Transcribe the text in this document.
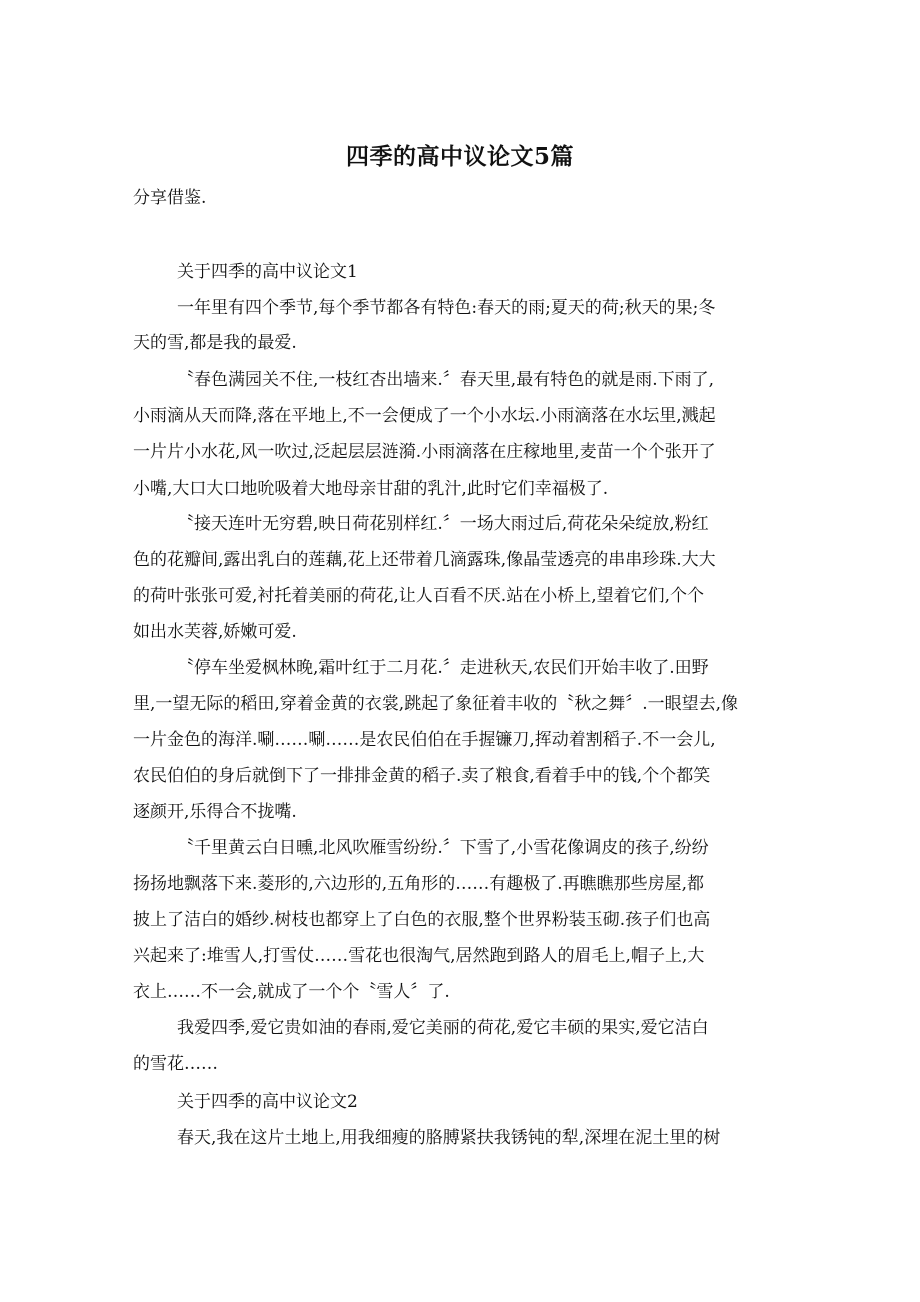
四季的高中议论文5篇
分享借鉴.
关于四季的高中议论文1
一年里有四个季节,每个季节都各有特色:春天的雨;夏天的荷;秋天的果;冬
天的雪,都是我的最爱.
〝春色满园关不住,一枝红杏出墙来.〞春天里,最有特色的就是雨.下雨了,
小雨滴从天而降,落在平地上,不一会便成了一个小水坛.小雨滴落在水坛里,溅起
一片片小水花,风一吹过,泛起层层涟漪.小雨滴落在庄稼地里,麦苗一个个张开了
小嘴,大口大口地吮吸着大地母亲甘甜的乳汁,此时它们幸福极了.
〝接天连叶无穷碧,映日荷花别样红.〞一场大雨过后,荷花朵朵绽放,粉红
色的花瓣间,露出乳白的莲藕,花上还带着几滴露珠,像晶莹透亮的串串珍珠.大大
的荷叶张张可爱,衬托着美丽的荷花,让人百看不厌.站在小桥上,望着它们,个个
如出水芙蓉,娇嫩可爱.
〝停车坐爱枫林晚,霜叶红于二月花.〞走进秋天,农民们开始丰收了.田野
里,一望无际的稻田,穿着金黄的衣裳,跳起了象征着丰收的〝秋之舞〞.一眼望去,像
一片金色的海洋.唰……唰……是农民伯伯在手握镰刀,挥动着割稻子.不一会儿,
农民伯伯的身后就倒下了一排排金黄的稻子.卖了粮食,看着手中的钱,个个都笑
逐颜开,乐得合不拢嘴.
〝千里黄云白日曛,北风吹雁雪纷纷.〞下雪了,小雪花像调皮的孩子,纷纷
扬扬地飘落下来.菱形的,六边形的,五角形的……有趣极了.再瞧瞧那些房屋,都
披上了洁白的婚纱.树枝也都穿上了白色的衣服,整个世界粉装玉砌.孩子们也高
兴起来了:堆雪人,打雪仗……雪花也很淘气,居然跑到路人的眉毛上,帽子上,大
衣上……不一会,就成了一个个〝雪人〞了.
我爱四季,爱它贵如油的春雨,爱它美丽的荷花,爱它丰硕的果实,爱它洁白
的雪花……
关于四季的高中议论文2
春天,我在这片土地上,用我细瘦的胳膊紧扶我锈钝的犁,深埋在泥土里的树
